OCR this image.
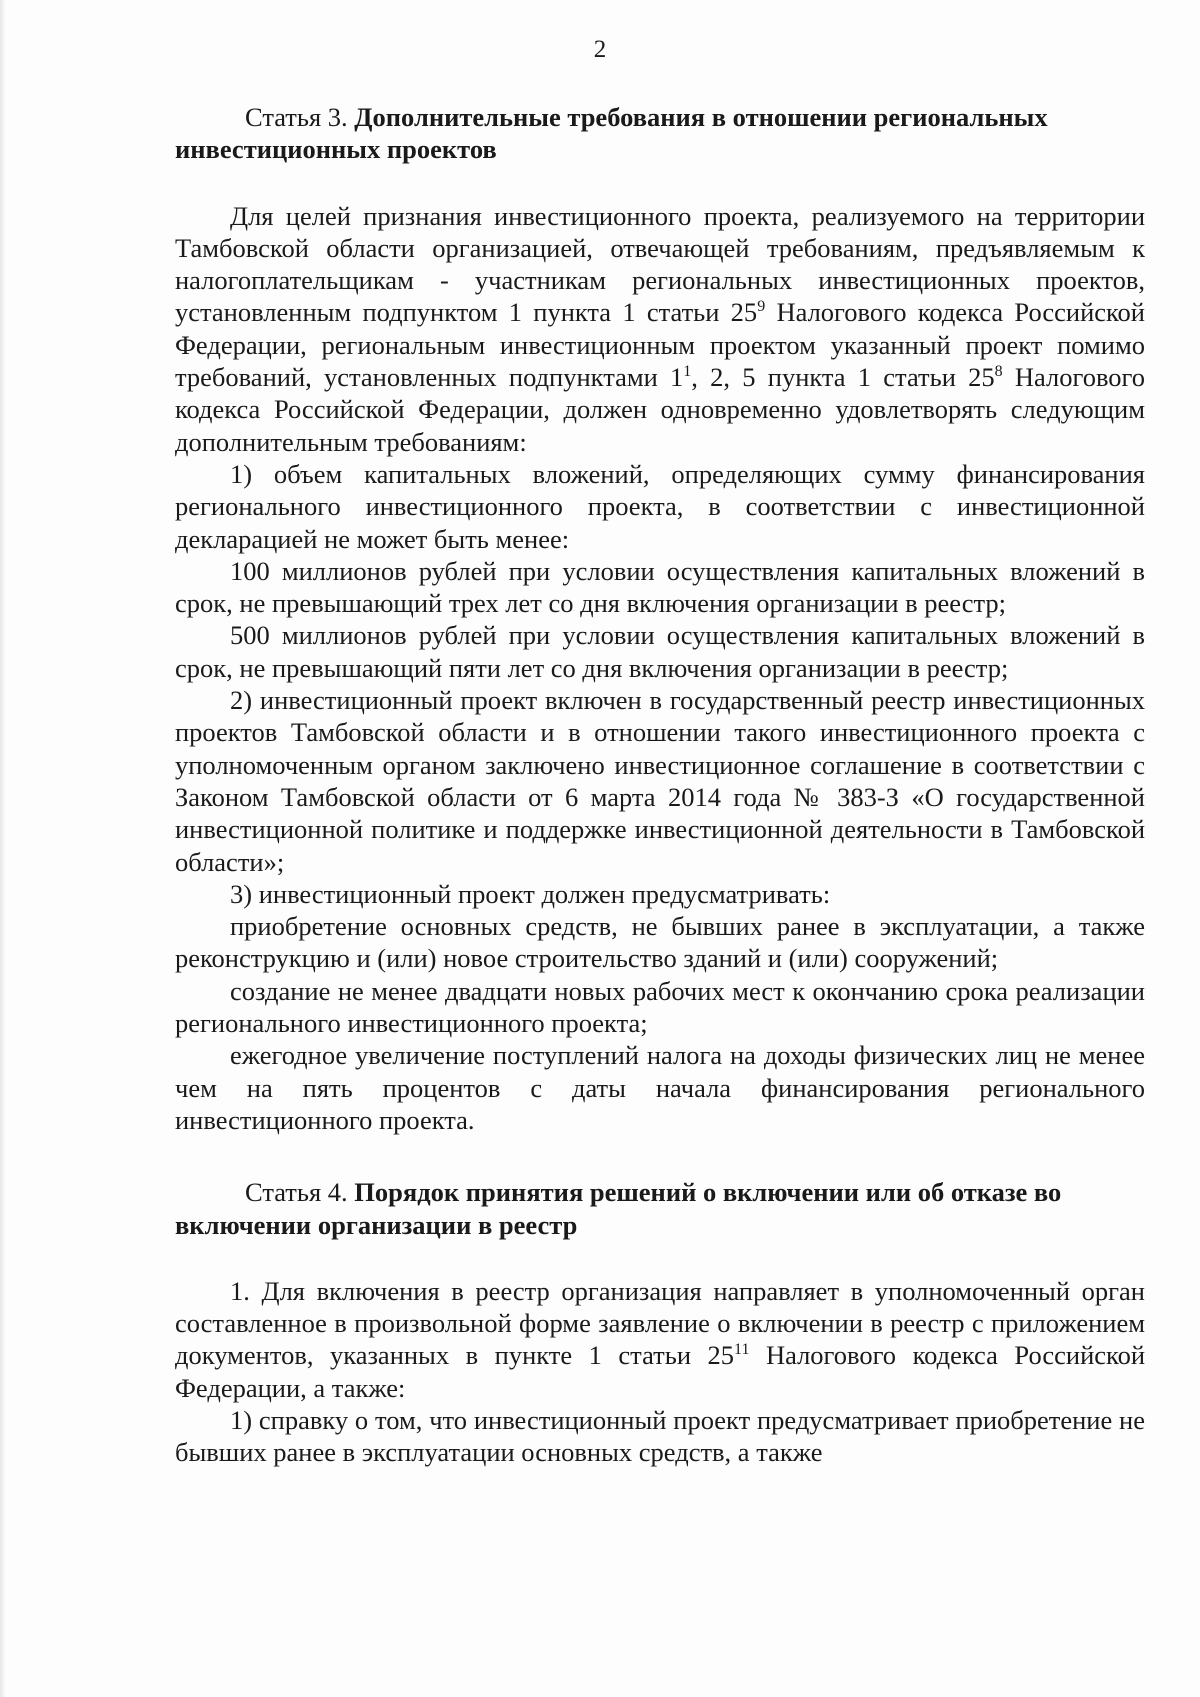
2

Статья 3. Дополнительные требования в отношении региональных инвестиционных проектов

Для целей признания инвестиционного проекта, реализуемого на территории Тамбовской области организацией, отвечающей требованиям, предъявляемым к налогоплательщикам - участникам региональных инвестиционных проектов, установленным подпунктом 1 пункта 1 статьи $25^9$ Налогового кодекса Российской Федерации, региональным инвестиционным проектом указанный проект помимо требований, установленных подпунктами $1^1$, 2, 5 пункта 1 статьи $25^8$ Налогового кодекса Российской Федерации, должен одновременно удовлетворять следующим дополнительным требованиям:

1) объем капитальных вложений, определяющих сумму финансирования регионального инвестиционного проекта, в соответствии с инвестиционной декларацией не может быть менее:

100 миллионов рублей при условии осуществления капитальных вложений в срок, не превышающий трех лет со дня включения организации в реестр;

500 миллионов рублей при условии осуществления капитальных вложений в срок, не превышающий пяти лет со дня включения организации в реестр;

2) инвестиционный проект включен в государственный реестр инвестиционных проектов Тамбовской области и в отношении такого инвестиционного проекта с уполномоченным органом заключено инвестиционное соглашение в соответствии с Законом Тамбовской области от 6 марта 2014 года № 383-З «О государственной инвестиционной политике и поддержке инвестиционной деятельности в Тамбовской области»;

3) инвестиционный проект должен предусматривать:

приобретение основных средств, не бывших ранее в эксплуатации, а также реконструкцию и (или) новое строительство зданий и (или) сооружений;

создание не менее двадцати новых рабочих мест к окончанию срока реализации регионального инвестиционного проекта;

ежегодное увеличение поступлений налога на доходы физических лиц не менее чем на пять процентов с даты начала финансирования регионального инвестиционного проекта.

Статья 4. Порядок принятия решений о включении или об отказе во включении организации в реестр

1. Для включения в реестр организация направляет в уполномоченный орган составленное в произвольной форме заявление о включении в реестр с приложением документов, указанных в пункте 1 статьи $25^{11}$ Налогового кодекса Российской Федерации, а также:

1) справку о том, что инвестиционный проект предусматривает приобретение не бывших ранее в эксплуатации основных средств, а также
